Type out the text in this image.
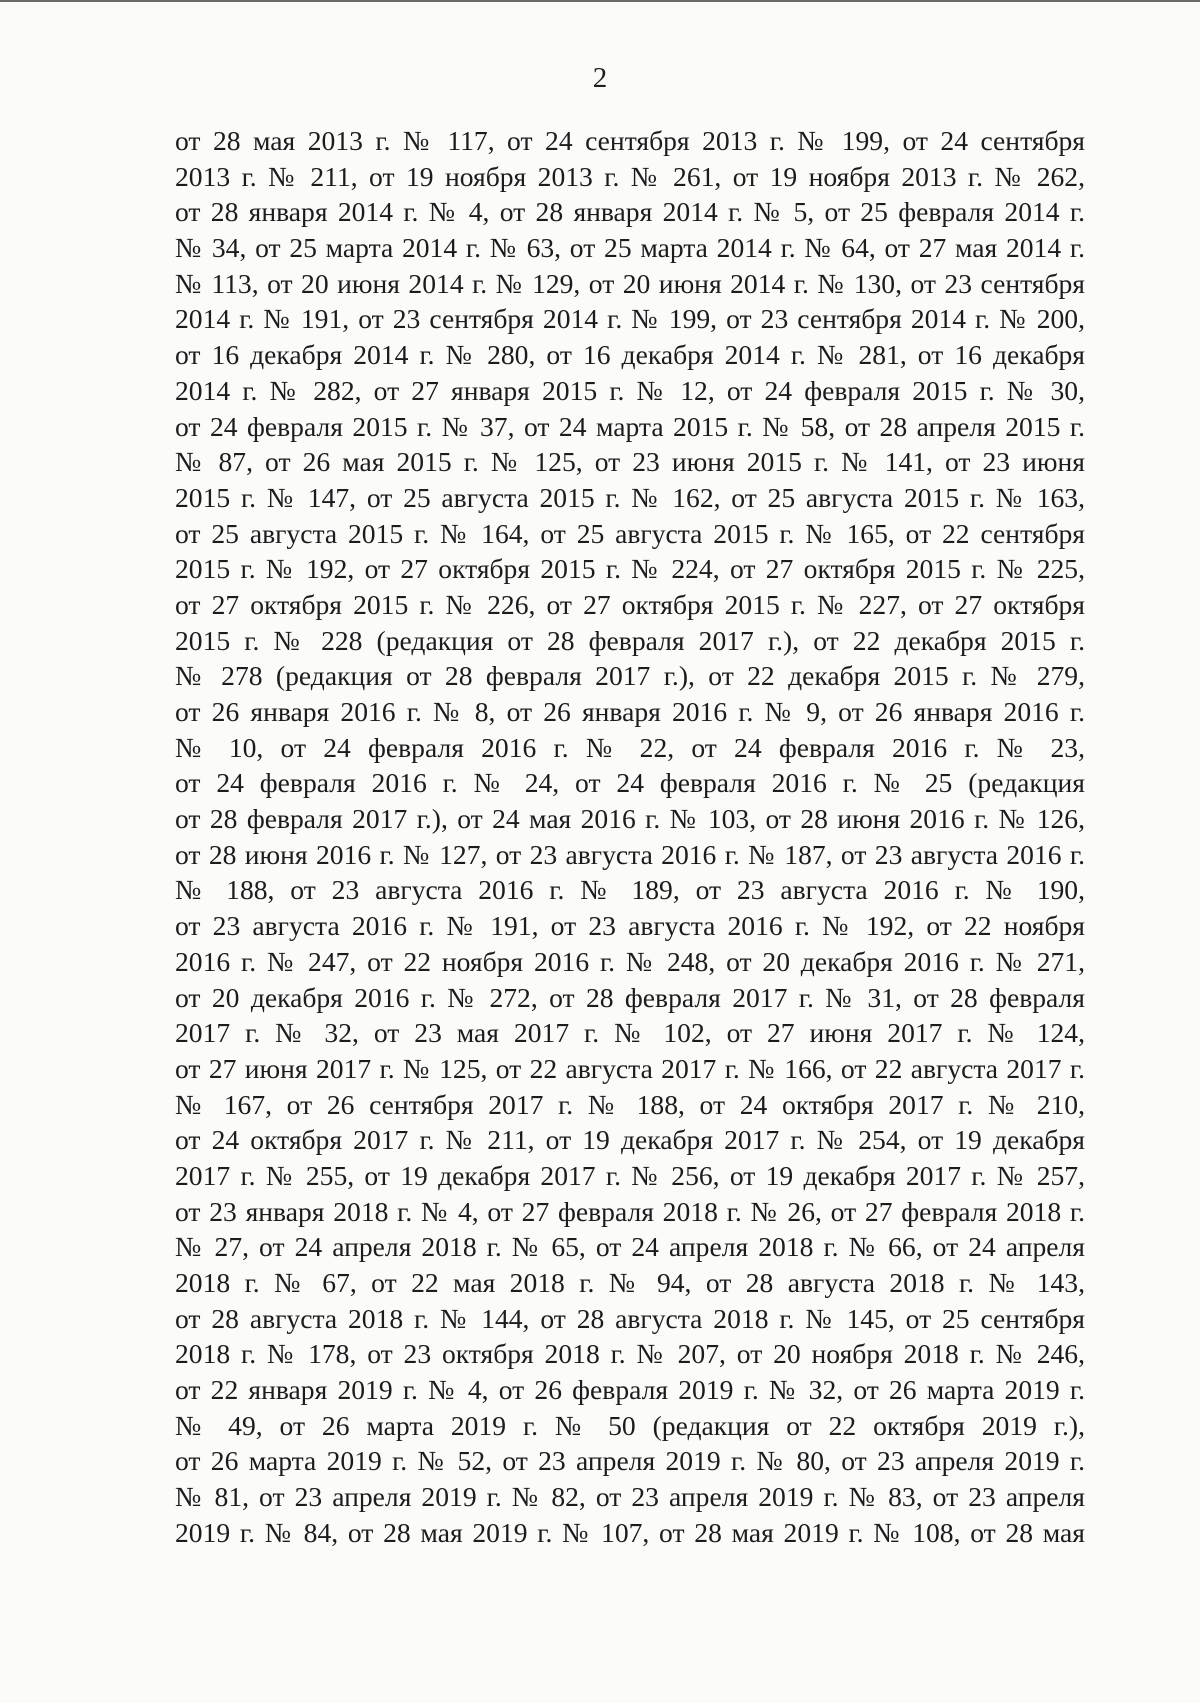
2
от 28 мая 2013 г. № 117, от 24 сентября 2013 г. № 199, от 24 сентября
2013 г. № 211, от 19 ноября 2013 г. № 261, от 19 ноября 2013 г. № 262,
от 28 января 2014 г. № 4, от 28 января 2014 г. № 5, от 25 февраля 2014 г.
№ 34, от 25 марта 2014 г. № 63, от 25 марта 2014 г. № 64, от 27 мая 2014 г.
№ 113, от 20 июня 2014 г. № 129, от 20 июня 2014 г. № 130, от 23 сентября
2014 г. № 191, от 23 сентября 2014 г. № 199, от 23 сентября 2014 г. № 200,
от 16 декабря 2014 г. № 280, от 16 декабря 2014 г. № 281, от 16 декабря
2014 г. № 282, от 27 января 2015 г. № 12, от 24 февраля 2015 г. № 30,
от 24 февраля 2015 г. № 37, от 24 марта 2015 г. № 58, от 28 апреля 2015 г.
№ 87, от 26 мая 2015 г. № 125, от 23 июня 2015 г. № 141, от 23 июня
2015 г. № 147, от 25 августа 2015 г. № 162, от 25 августа 2015 г. № 163,
от 25 августа 2015 г. № 164, от 25 августа 2015 г. № 165, от 22 сентября
2015 г. № 192, от 27 октября 2015 г. № 224, от 27 октября 2015 г. № 225,
от 27 октября 2015 г. № 226, от 27 октября 2015 г. № 227, от 27 октября
2015 г. № 228 (редакция от 28 февраля 2017 г.), от 22 декабря 2015 г.
№ 278 (редакция от 28 февраля 2017 г.), от 22 декабря 2015 г. № 279,
от 26 января 2016 г. № 8, от 26 января 2016 г. № 9, от 26 января 2016 г.
№ 10, от 24 февраля 2016 г. № 22, от 24 февраля 2016 г. № 23,
от 24 февраля 2016 г. № 24, от 24 февраля 2016 г. № 25 (редакция
от 28 февраля 2017 г.), от 24 мая 2016 г. № 103, от 28 июня 2016 г. № 126,
от 28 июня 2016 г. № 127, от 23 августа 2016 г. № 187, от 23 августа 2016 г.
№ 188, от 23 августа 2016 г. № 189, от 23 августа 2016 г. № 190,
от 23 августа 2016 г. № 191, от 23 августа 2016 г. № 192, от 22 ноября
2016 г. № 247, от 22 ноября 2016 г. № 248, от 20 декабря 2016 г. № 271,
от 20 декабря 2016 г. № 272, от 28 февраля 2017 г. № 31, от 28 февраля
2017 г. № 32, от 23 мая 2017 г. № 102, от 27 июня 2017 г. № 124,
от 27 июня 2017 г. № 125, от 22 августа 2017 г. № 166, от 22 августа 2017 г.
№ 167, от 26 сентября 2017 г. № 188, от 24 октября 2017 г. № 210,
от 24 октября 2017 г. № 211, от 19 декабря 2017 г. № 254, от 19 декабря
2017 г. № 255, от 19 декабря 2017 г. № 256, от 19 декабря 2017 г. № 257,
от 23 января 2018 г. № 4, от 27 февраля 2018 г. № 26, от 27 февраля 2018 г.
№ 27, от 24 апреля 2018 г. № 65, от 24 апреля 2018 г. № 66, от 24 апреля
2018 г. № 67, от 22 мая 2018 г. № 94, от 28 августа 2018 г. № 143,
от 28 августа 2018 г. № 144, от 28 августа 2018 г. № 145, от 25 сентября
2018 г. № 178, от 23 октября 2018 г. № 207, от 20 ноября 2018 г. № 246,
от 22 января 2019 г. № 4, от 26 февраля 2019 г. № 32, от 26 марта 2019 г.
№ 49, от 26 марта 2019 г. № 50 (редакция от 22 октября 2019 г.),
от 26 марта 2019 г. № 52, от 23 апреля 2019 г. № 80, от 23 апреля 2019 г.
№ 81, от 23 апреля 2019 г. № 82, от 23 апреля 2019 г. № 83, от 23 апреля
2019 г. № 84, от 28 мая 2019 г. № 107, от 28 мая 2019 г. № 108, от 28 мая
